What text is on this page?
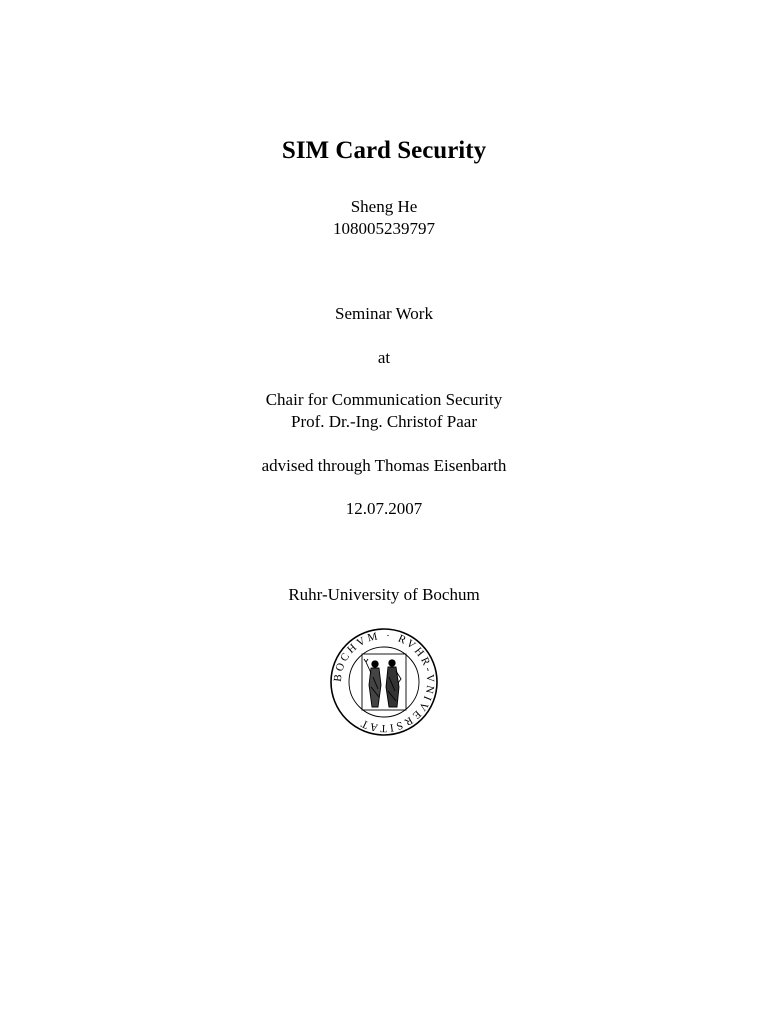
SIM Card Security
Sheng He
108005239797
Seminar Work
at
Chair for Communication Security
Prof. Dr.-Ing. Christof Paar
advised through Thomas Eisenbarth
12.07.2007
Ruhr-University of Bochum
BOCHVM · RVHR-VNIVERSITAT
